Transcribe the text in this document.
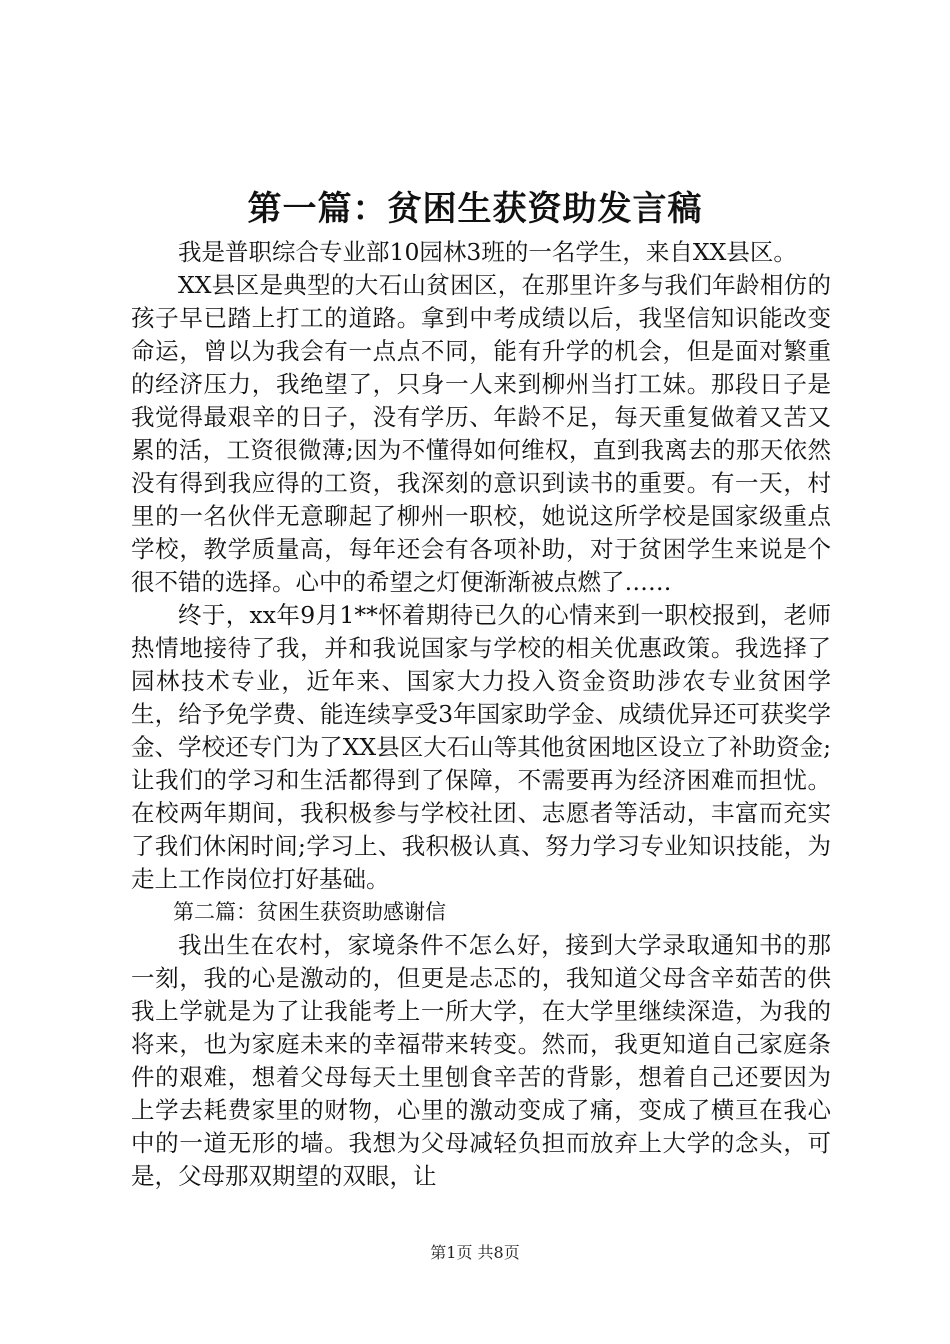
第一篇：贫困生获资助发言稿

我是普职综合专业部10园林3班的一名学生，来自XX县区。

XX县区是典型的大石山贫困区，在那里许多与我们年龄相仿的孩子早已踏上打工的道路。拿到中考成绩以后，我坚信知识能改变命运，曾以为我会有一点点不同，能有升学的机会，但是面对繁重的经济压力，我绝望了，只身一人来到柳州当打工妹。那段日子是我觉得最艰辛的日子，没有学历、年龄不足，每天重复做着又苦又累的活，工资很微薄;因为不懂得如何维权，直到我离去的那天依然没有得到我应得的工资，我深刻的意识到读书的重要。有一天，村里的一名伙伴无意聊起了柳州一职校，她说这所学校是国家级重点学校，教学质量高，每年还会有各项补助，对于贫困学生来说是个很不错的选择。心中的希望之灯便渐渐被点燃了……

终于，xx年9月1**怀着期待已久的心情来到一职校报到，老师热情地接待了我，并和我说国家与学校的相关优惠政策。我选择了园林技术专业，近年来、国家大力投入资金资助涉农专业贫困学生，给予免学费、能连续享受3年国家助学金、成绩优异还可获奖学金、学校还专门为了XX县区大石山等其他贫困地区设立了补助资金;让我们的学习和生活都得到了保障，不需要再为经济困难而担忧。在校两年期间，我积极参与学校社团、志愿者等活动，丰富而充实了我们休闲时间;学习上、我积极认真、努力学习专业知识技能，为走上工作岗位打好基础。

第二篇：贫困生获资助感谢信

我出生在农村，家境条件不怎么好，接到大学录取通知书的那一刻，我的心是激动的，但更是忐忑的，我知道父母含辛茹苦的供我上学就是为了让我能考上一所大学，在大学里继续深造，为我的将来，也为家庭未来的幸福带来转变。然而，我更知道自己家庭条件的艰难，想着父母每天土里刨食辛苦的背影，想着自己还要因为上学去耗费家里的财物，心里的激动变成了痛，变成了横亘在我心中的一道无形的墙。我想为父母减轻负担而放弃上大学的念头，可是，父母那双期望的双眼，让

第1页 共8页
